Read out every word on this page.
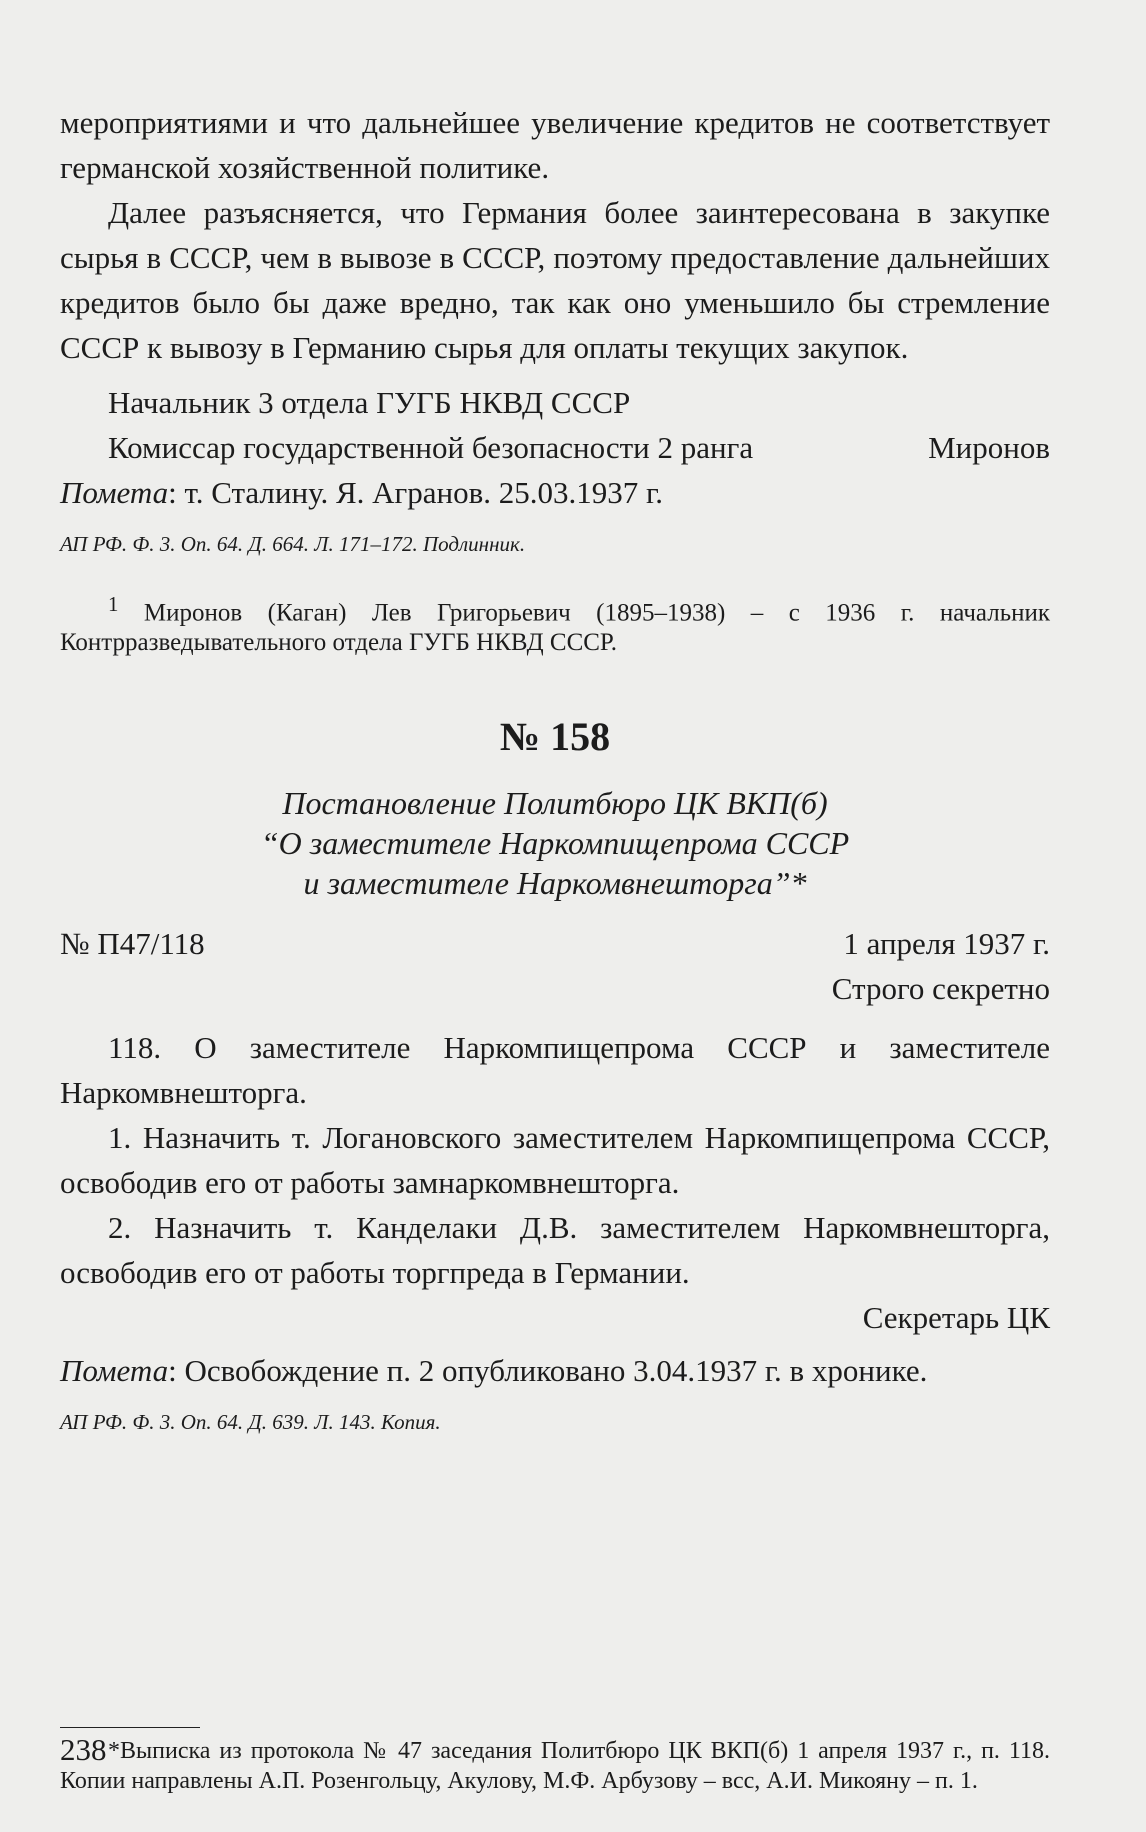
мероприятиями и что дальнейшее увеличение кредитов не соответствует германской хозяйственной политике.

Далее разъясняется, что Германия более заинтересована в закупке сырья в СССР, чем в вывозе в СССР, поэтому предоставление дальнейших кредитов было бы даже вредно, так как оно уменьшило бы стремление СССР к вывозу в Германию сырья для оплаты текущих закупок.

Начальник 3 отдела ГУГБ НКВД СССР

Комиссар государственной безопасности 2 ранга	Миронов

Помета: т. Сталину. Я. Агранов. 25.03.1937 г.

АП РФ. Ф. 3. Оп. 64. Д. 664. Л. 171–172. Подлинник.

$^1$ Миронов (Каган) Лев Григорьевич (1895–1938) – с 1936 г. начальник Контрразведывательного отдела ГУГБ НКВД СССР.

№ 158
Постановление Политбюро ЦК ВКП(б)
“О заместителе Наркомпищепрома СССР
и заместителе Наркомвнешторга”*
№ П47/118	1 апреля 1937 г.

Строго секретно

118. О заместителе Наркомпищепрома СССР и заместителе Наркомвнешторга.

1. Назначить т. Логановского заместителем Наркомпищепрома СССР, освободив его от работы замнаркомвнешторга.

2. Назначить т. Канделаки Д.В. заместителем Наркомвнешторга, освободив его от работы торгпреда в Германии.

Секретарь ЦК

Помета: Освобождение п. 2 опубликовано 3.04.1937 г. в хронике.

АП РФ. Ф. 3. Оп. 64. Д. 639. Л. 143. Копия.

*Выписка из протокола № 47 заседания Политбюро ЦК ВКП(б) 1 апреля 1937 г., п. 118. Копии направлены А.П. Розенгольцу, Акулову, М.Ф. Арбузову – всс, А.И. Микояну – п. 1.

238
